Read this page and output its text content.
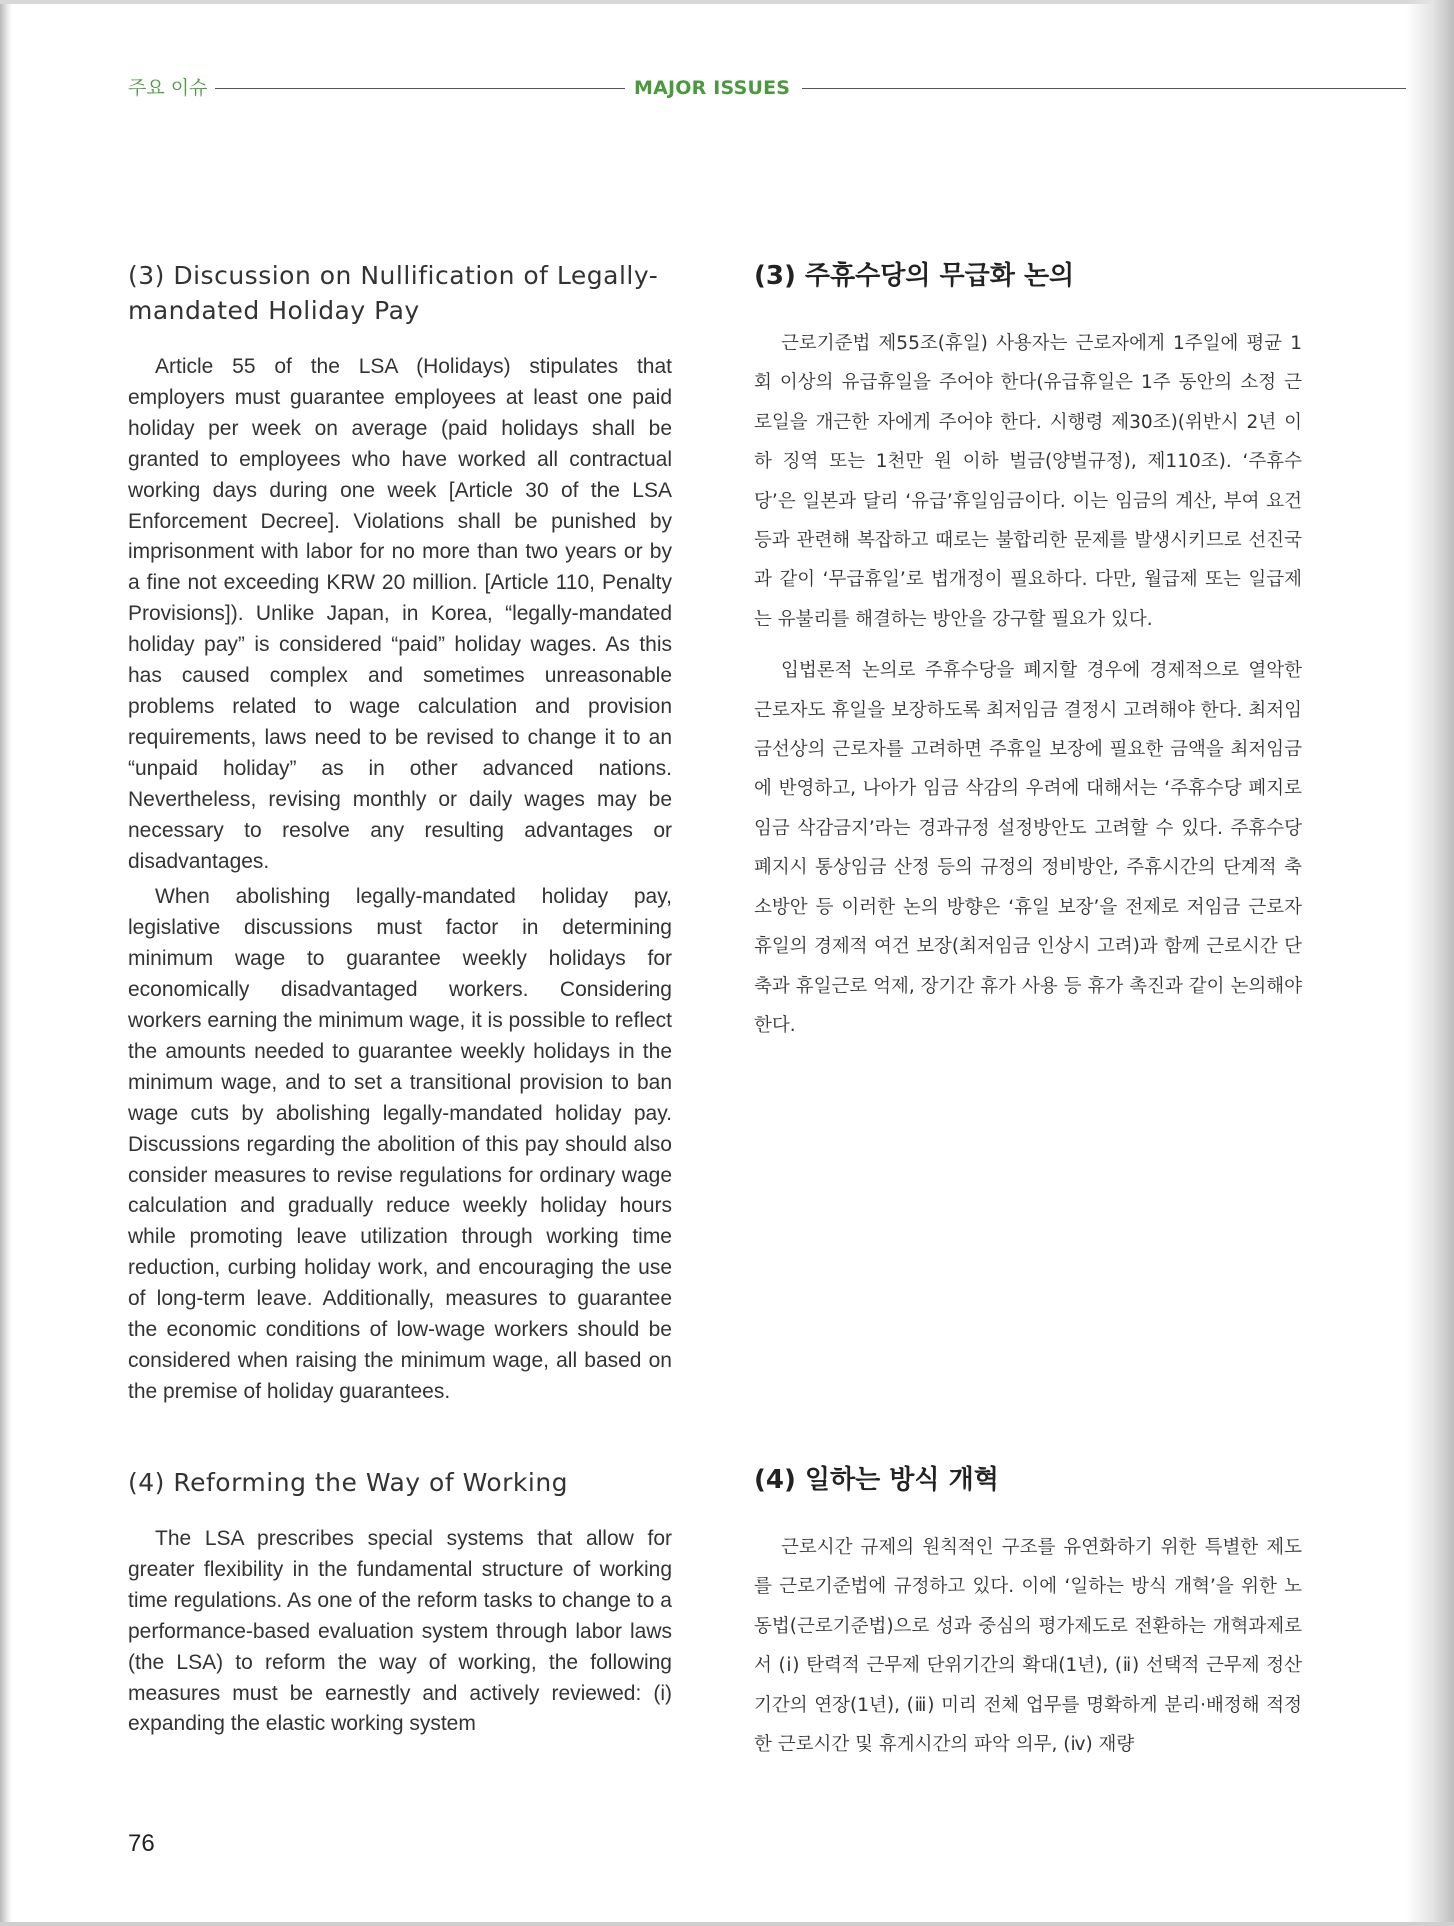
주요 이슈	MAJOR ISSUES
(3) Discussion on Nullification of Legally-mandated Holiday Pay

Article 55 of the LSA (Holidays) stipulates that employers must guarantee employees at least one paid holiday per week on average (paid holidays shall be granted to employees who have worked all contractual working days during one week [Article 30 of the LSA Enforcement Decree]. Violations shall be punished by imprisonment with labor for no more than two years or by a fine not exceeding KRW 20 million. [Article 110, Penalty Provisions]). Unlike Japan, in Korea, “legally-mandated holiday pay” is considered “paid” holiday wages. As this has caused complex and sometimes unreasonable problems related to wage calculation and provision requirements, laws need to be revised to change it to an “unpaid holiday” as in other advanced nations. Nevertheless, revising monthly or daily wages may be necessary to resolve any resulting advantages or disadvantages.

When abolishing legally-mandated holiday pay, legislative discussions must factor in determining minimum wage to guarantee weekly holidays for economically disadvantaged workers. Considering workers earning the minimum wage, it is possible to reflect the amounts needed to guarantee weekly holidays in the minimum wage, and to set a transitional provision to ban wage cuts by abolishing legally-mandated holiday pay. Discussions regarding the abolition of this pay should also consider measures to revise regulations for ordinary wage calculation and gradually reduce weekly holiday hours while promoting leave utilization through working time reduction, curbing holiday work, and encouraging the use of long-term leave. Additionally, measures to guarantee the economic conditions of low-wage workers should be considered when raising the minimum wage, all based on the premise of holiday guarantees.

(3) 주휴수당의 무급화 논의

근로기준법 제55조(휴일) 사용자는 근로자에게 1주일에 평균 1회 이상의 유급휴일을 주어야 한다(유급휴일은 1주 동안의 소정 근로일을 개근한 자에게 주어야 한다. 시행령 제30조)(위반시 2년 이하 징역 또는 1천만 원 이하 벌금(양벌규정), 제110조). ‘주휴수당’은 일본과 달리 ‘유급’휴일임금이다. 이는 임금의 계산, 부여 요건 등과 관련해 복잡하고 때로는 불합리한 문제를 발생시키므로 선진국과 같이 ‘무급휴일’로 법개정이 필요하다. 다만, 월급제 또는 일급제는 유불리를 해결하는 방안을 강구할 필요가 있다.

입법론적 논의로 주휴수당을 폐지할 경우에 경제적으로 열악한 근로자도 휴일을 보장하도록 최저임금 결정시 고려해야 한다. 최저임금선상의 근로자를 고려하면 주휴일 보장에 필요한 금액을 최저임금에 반영하고, 나아가 임금 삭감의 우려에 대해서는 ‘주휴수당 폐지로 임금 삭감금지’라는 경과규정 설정방안도 고려할 수 있다. 주휴수당 폐지시 통상임금 산정 등의 규정의 정비방안, 주휴시간의 단계적 축소방안 등 이러한 논의 방향은 ‘휴일 보장’을 전제로 저임금 근로자 휴일의 경제적 여건 보장(최저임금 인상시 고려)과 함께 근로시간 단축과 휴일근로 억제, 장기간 휴가 사용 등 휴가 촉진과 같이 논의해야 한다.

(4) Reforming the Way of Working

The LSA prescribes special systems that allow for greater flexibility in the fundamental structure of working time regulations. As one of the reform tasks to change to a performance-based evaluation system through labor laws (the LSA) to reform the way of working, the following measures must be earnestly and actively reviewed: (i) expanding the elastic working system

(4) 일하는 방식 개혁

근로시간 규제의 원칙적인 구조를 유연화하기 위한 특별한 제도를 근로기준법에 규정하고 있다. 이에 ‘일하는 방식 개혁’을 위한 노동법(근로기준법)으로 성과 중심의 평가제도로 전환하는 개혁과제로서 (ⅰ) 탄력적 근무제 단위기간의 확대(1년), (ⅱ) 선택적 근무제 정산기간의 연장(1년), (ⅲ) 미리 전체 업무를 명확하게 분리·배정해 적정한 근로시간 및 휴게시간의 파악 의무, (ⅳ) 재량

76
